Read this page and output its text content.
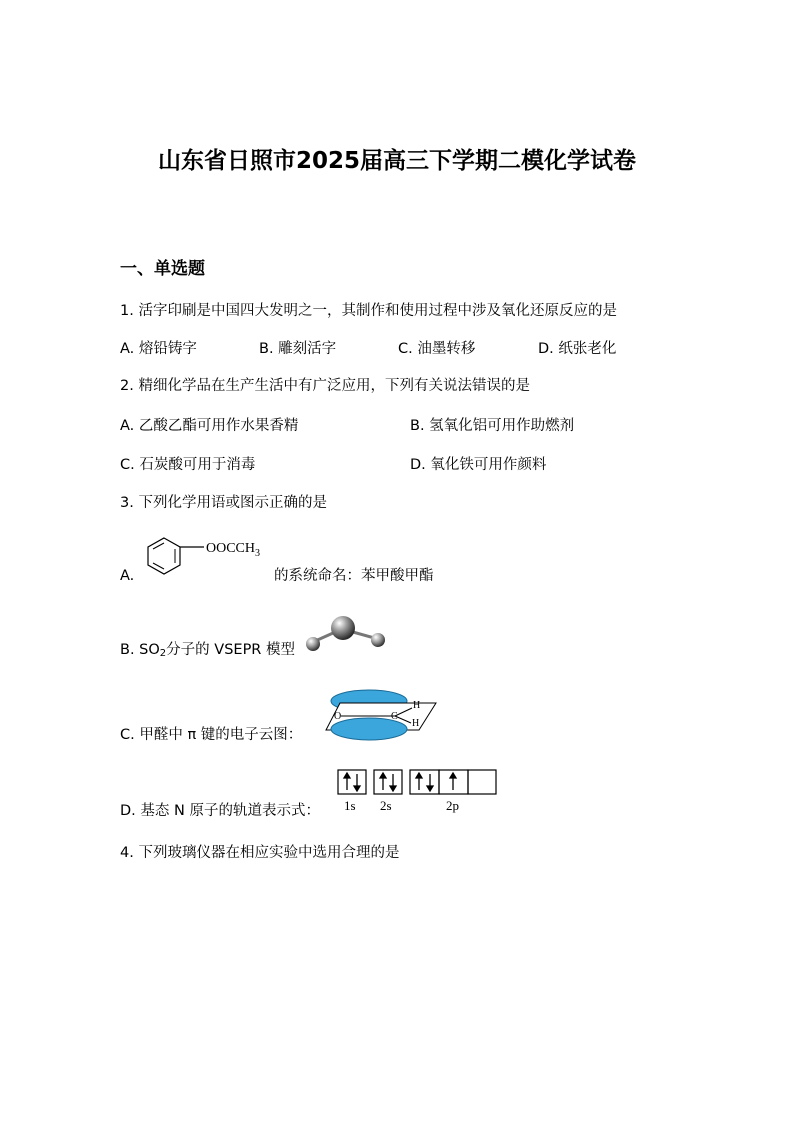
山东省日照市2025届高三下学期二模化学试卷
一、单选题
1. 活字印刷是中国四大发明之一，其制作和使用过程中涉及氧化还原反应的是
A. 熔铅铸字	B. 雕刻活字	C. 油墨转移	D. 纸张老化
2. 精细化学品在生产生活中有广泛应用，下列有关说法错误的是
A. 乙酸乙酯可用作水果香精	B. 氢氧化铝可用作助燃剂
C. 石炭酸可用于消毒	D. 氧化铁可用作颜料
3. 下列化学用语或图示正确的是
A.
$OOCCH_3$
的系统命名：苯甲酸甲酯
B. $SO_2$分子的 VSEPR 模型
C. 甲醛中 π 键的电子云图：
O	C
H
H
D. 基态 N 原子的轨道表示式： 1s 2s	2p
4. 下列玻璃仪器在相应实验中选用合理的是
